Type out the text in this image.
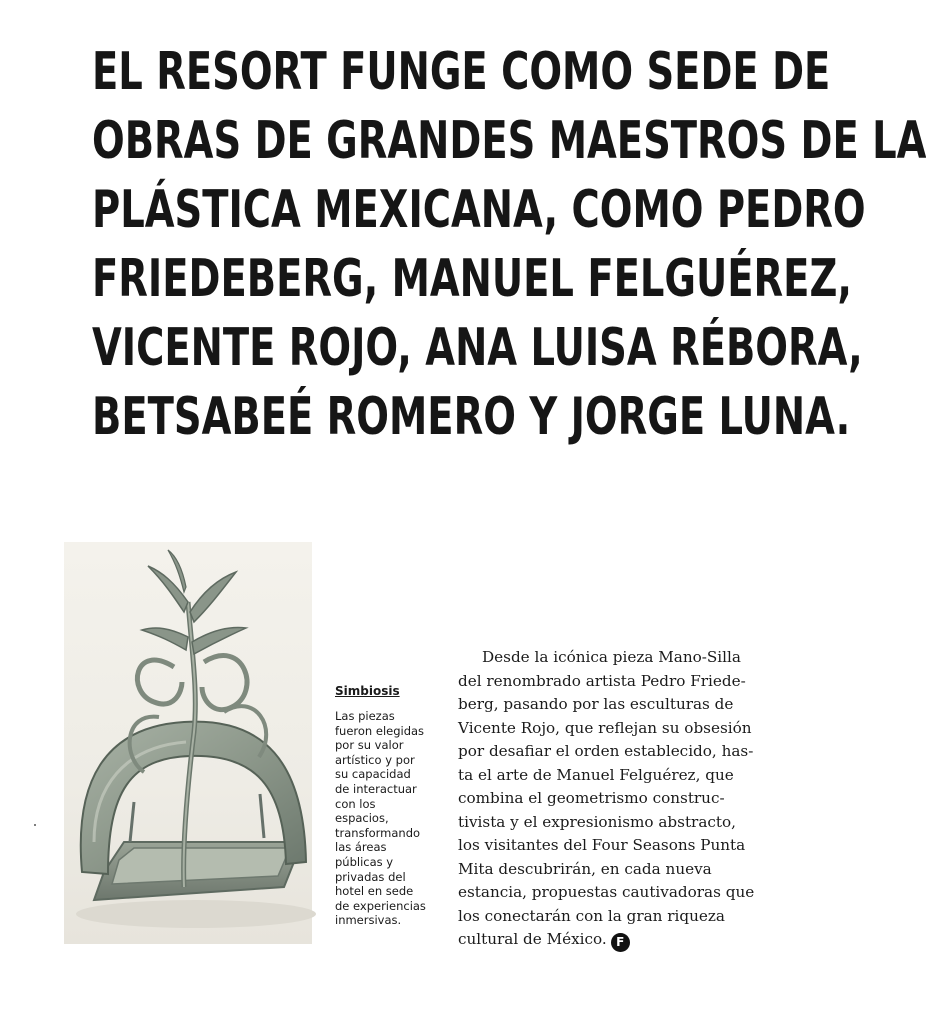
EL RESORT FUNGE COMO SEDE DE
OBRAS DE GRANDES MAESTROS DE LA
PLÁSTICA MEXICANA, COMO PEDRO
FRIEDEBERG, MANUEL FELGUÉREZ,
VICENTE ROJO, ANA LUISA RÉBORA,
BETSABEÉ ROMERO Y JORGE LUNA.
Simbiosis
Las piezas
fueron elegidas
por su valor
artístico y por
su capacidad
de interactuar
con los
espacios,
transformando
las áreas
públicas y
privadas del
hotel en sede
de experiencias
inmersivas.
Desde la icónica pieza Mano-Silla
del renombrado artista Pedro Friede-
berg, pasando por las esculturas de
Vicente Rojo, que reflejan su obsesión
por desafiar el orden establecido, has-
ta el arte de Manuel Felguérez, que
combina el geometrismo construc-
tivista y el expresionismo abstracto,
los visitantes del Four Seasons Punta
Mita descubrirán, en cada nueva
estancia, propuestas cautivadoras que
los conectarán con la gran riqueza
cultural de México. F
